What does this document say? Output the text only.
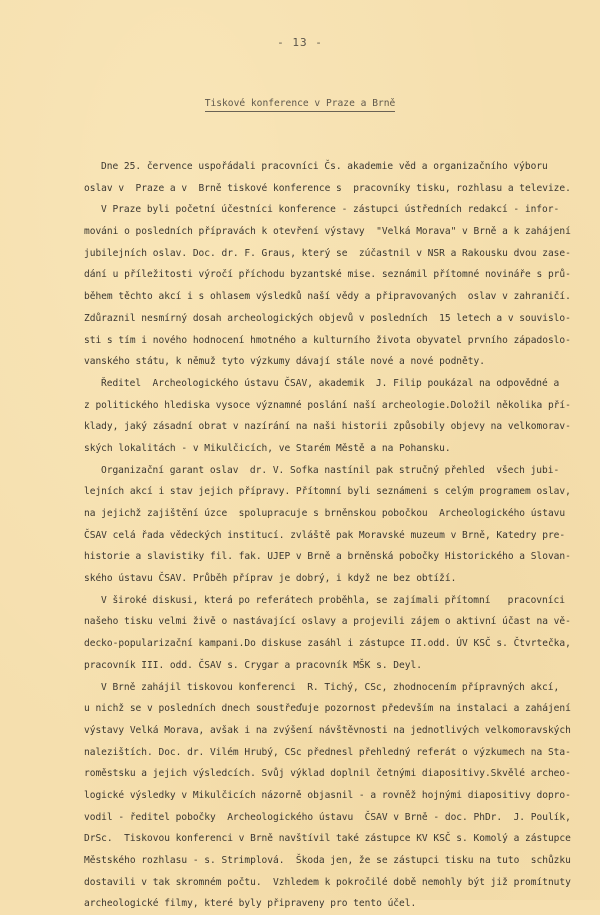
- 13 -
Tiskové konference v Praze a Brně
Dne 25. července uspořádali pracovníci Čs. akademie věd a organizačního výboru
oslav v  Praze a v  Brně tiskové konference s  pracovníky tisku, rozhlasu a televize.
V Praze byli početní účestníci konference - zástupci ústředních redakcí - infor-
mováni o posledních přípravách k otevření výstavy  "Velká Morava" v Brně a k zahájení
jubilejních oslav. Doc. dr. F. Graus, který se  zúčastnil v NSR a Rakousku dvou zase-
dání u příležitosti výročí příchodu byzantské mise. seznámil přítomné novináře s prů-
během těchto akcí i s ohlasem výsledků naší vědy a připravovaných  oslav v zahraničí.
Zdůraznil nesmírný dosah archeologických objevů v posledních  15 letech a v souvislo-
sti s tím i nového hodnocení hmotného a kulturního života obyvatel prvního západoslo-
vanského státu, k němuž tyto výzkumy dávají stále nové a nové podněty.
Ředitel  Archeologického ústavu ČSAV, akademik  J. Filip poukázal na odpovědné a
z politického hlediska vysoce významné poslání naší archeologie.Doložil několika pří-
klady, jaký zásadní obrat v nazírání na naši historii způsobily objevy na velkomorav-
ských lokalitách - v Mikulčicích, ve Starém Městě a na Pohansku.
Organizační garant oslav  dr. V. Sofka nastínil pak stručný přehled  všech jubi-
lejních akcí i stav jejich přípravy. Přítomní byli seznámeni s celým programem oslav,
na jejichž zajištění úzce  spolupracuje s brněnskou pobočkou  Archeologického ústavu
ČSAV celá řada vědeckých institucí. zvláště pak Moravské muzeum v Brně, Katedry pre-
historie a slavistiky fil. fak. UJEP v Brně a brněnská pobočky Historického a Slovan-
ského ústavu ČSAV. Průběh příprav je dobrý, i když ne bez obtíží.
V široké diskusi, která po referátech proběhla, se zajímali přítomní   pracovníci
našeho tisku velmi živě o nastávající oslavy a projevili zájem o aktivní účast na vě-
decko-popularizační kampani.Do diskuse zasáhl i zástupce II.odd. ÚV KSČ s. Čtvrtečka,
pracovník III. odd. ČSAV s. Crygar a pracovník MŠK s. Deyl.
V Brně zahájil tiskovou konferenci  R. Tichý, CSc, zhodnocením přípravných akcí,
u nichž se v posledních dnech soustřeďuje pozornost především na instalaci a zahájení
výstavy Velká Morava, avšak i na zvýšení návštěvnosti na jednotlivých velkomoravských
nalezištích. Doc. dr. Vilém Hrubý, CSc přednesl přehledný referát o výzkumech na Sta-
roměstsku a jejich výsledcích. Svůj výklad doplnil četnými diapositivy.Skvělé archeo-
logické výsledky v Mikulčicích názorně objasnil - a rovněž hojnými diapositivy dopro-
vodil - ředitel pobočky  Archeologického ústavu  ČSAV v Brně - doc. PhDr.  J. Poulík,
DrSc.  Tiskovou konferenci v Brně navštívil také zástupce KV KSČ s. Komolý a zástupce
Městského rozhlasu - s. Strimplová.  Škoda jen, že se zástupci tisku na tuto  schůzku
dostavili v tak skromném počtu.  Vzhledem k pokročilé době nemohly být již promítnuty
archeologické filmy, které byly připraveny pro tento účel.
